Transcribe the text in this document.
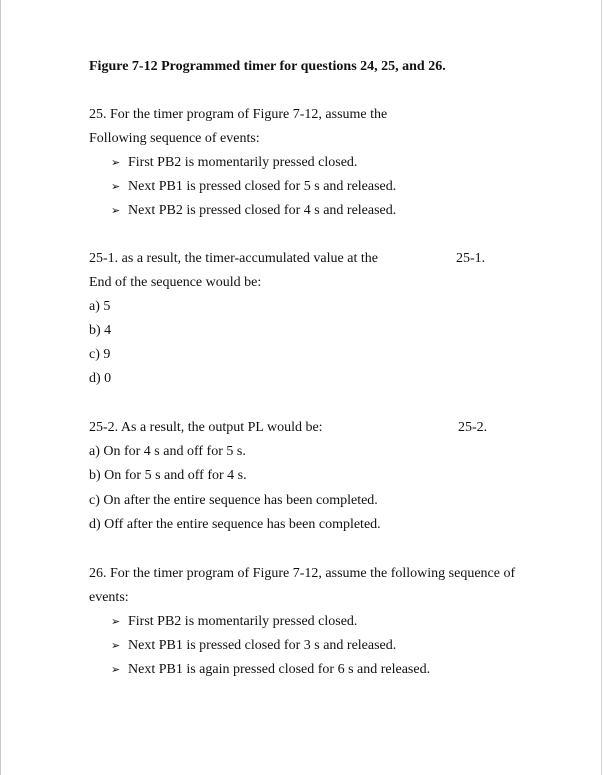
Figure 7-12 Programmed timer for questions 24, 25, and 26.
25. For the timer program of Figure 7-12, assume the
Following sequence of events:
➢ First PB2 is momentarily pressed closed.
➢ Next PB1 is pressed closed for 5 s and released.
➢ Next PB2 is pressed closed for 4 s and released.
25-1. as a result, the timer-accumulated value at the	25-1.
End of the sequence would be:
a) 5
b) 4
c) 9
d) 0
25-2. As a result, the output PL would be:	25-2.
a) On for 4 s and off for 5 s.
b) On for 5 s and off for 4 s.
c) On after the entire sequence has been completed.
d) Off after the entire sequence has been completed.
26. For the timer program of Figure 7-12, assume the following sequence of
events:
➢ First PB2 is momentarily pressed closed.
➢ Next PB1 is pressed closed for 3 s and released.
➢ Next PB1 is again pressed closed for 6 s and released.
